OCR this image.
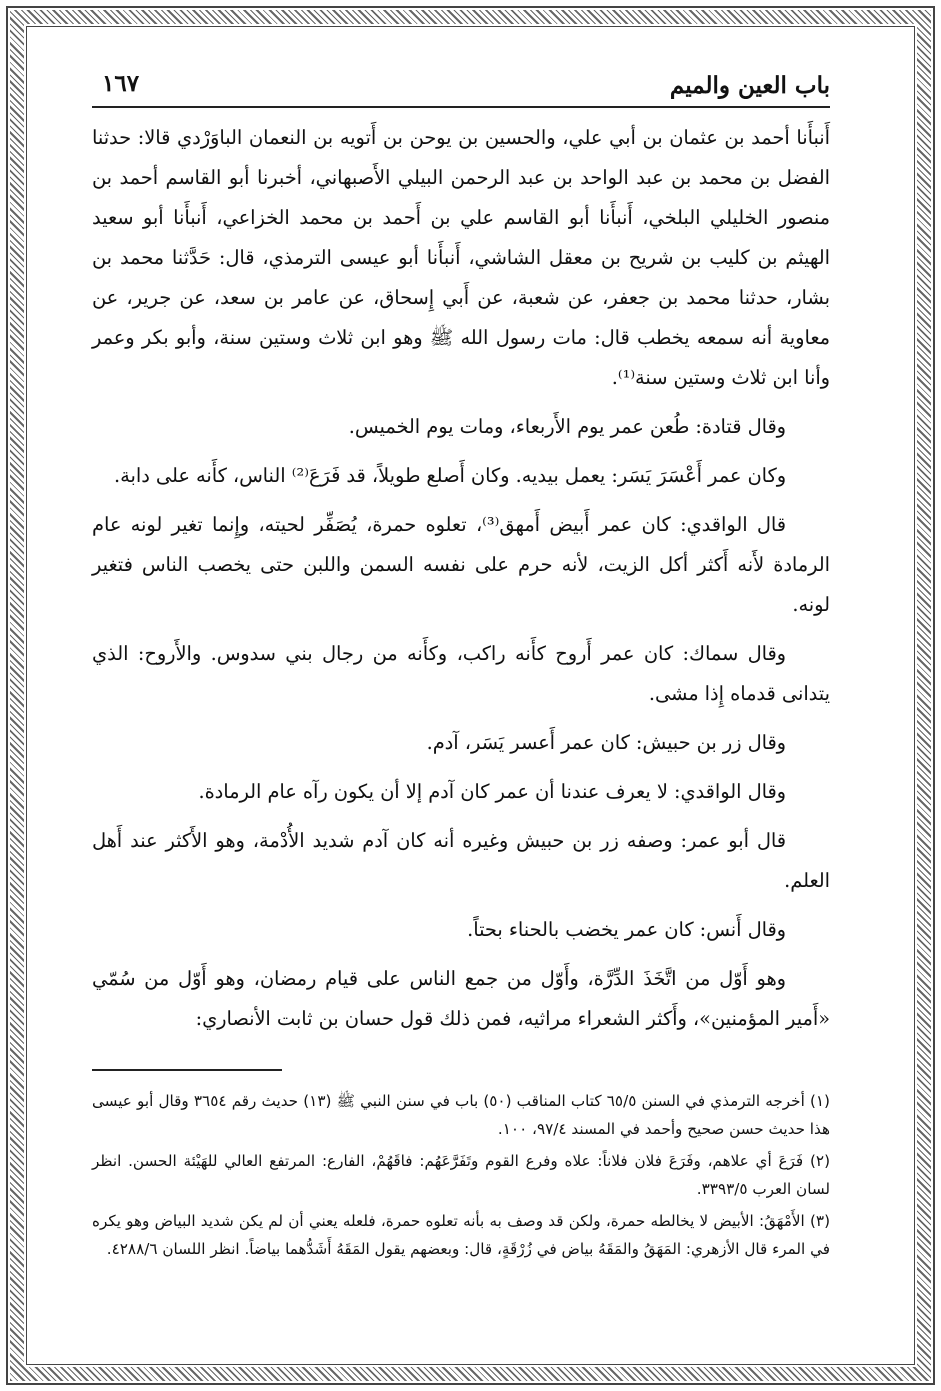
باب العين والميم
١٦٧

أَنبأَنا أحمد بن عثمان بن أبي علي، والحسين بن يوحن بن أَتويه بن النعمان الباوَرْدي قالا: حدثنا الفضل بن محمد بن عبد الواحد بن عبد الرحمن البيلي الأَصبهاني، أخبرنا أبو القاسم أحمد بن منصور الخليلي البلخي، أَنبأَنا أبو القاسم علي بن أَحمد بن محمد الخزاعي، أَنبأَنا أبو سعيد الهيثم بن كليب بن شريح بن معقل الشاشي، أَنبأَنا أبو عيسى الترمذي، قال: حَدَّثنا محمد بن بشار، حدثنا محمد بن جعفر، عن شعبة، عن أَبي إِسحاق، عن عامر بن سعد، عن جرير، عن معاوية أنه سمعه يخطب قال: مات رسول الله ﷺ وهو ابن ثلاث وستين سنة، وأبو بكر وعمر وأنا ابن ثلاث وستين سنة⁽¹⁾.

وقال قتادة: طُعن عمر يوم الأَربعاء، ومات يوم الخميس.

وكان عمر أَعْسَرَ يَسَر: يعمل بيديه. وكان أَصلع طويلاً، قد فَرَعَ⁽²⁾ الناس، كأَنه على دابة.

قال الواقدي: كان عمر أَبيض أَمهق⁽³⁾، تعلوه حمرة، يُصَفِّر لحيته، وإِنما تغير لونه عام الرمادة لأَنه أَكثر أكل الزيت، لأنه حرم على نفسه السمن واللبن حتى يخصب الناس فتغير لونه.

وقال سماك: كان عمر أَروح كأَنه راكب، وكأَنه من رجال بني سدوس. والأَروح: الذي يتدانى قدماه إِذا مشى.

وقال زر بن حبيش: كان عمر أَعسر يَسَر، آدم.

وقال الواقدي: لا يعرف عندنا أن عمر كان آدم إلا أن يكون رآه عام الرمادة.

قال أبو عمر: وصفه زر بن حبيش وغيره أنه كان آدم شديد الأُدْمة، وهو الأَكثر عند أَهل العلم.

وقال أَنس: كان عمر يخضب بالحناء بحتاً.

وهو أَوّل من اتَّخَذَ الدِّرَّة، وأَوّل من جمع الناس على قيام رمضان، وهو أَوّل من سُمّي «أَمير المؤمنين»، وأَكثر الشعراء مراثيه، فمن ذلك قول حسان بن ثابت الأنصاري:

(١) أخرجه الترمذي في السنن ٦٥/٥ كتاب المناقب (٥٠) باب في سنن النبي ﷺ (١٣) حديث رقم ٣٦٥٤ وقال أبو عيسى هذا حديث حسن صحيح وأحمد في المسند ٩٧/٤، ١٠٠.

(٢) فَرَعَ أي علاهم، وفَرَعَ فلان فلاناً: علاه وفرع القوم وتَفَرَّعَهُم: فاقَهُمْ، الفارع: المرتفع العالي للهَيْئة الحسن. انظر لسان العرب ٣٣٩٣/٥.

(٣) الأَمْهَقُ: الأبيض لا يخالطه حمرة، ولكن قد وصف به بأنه تعلوه حمرة، فلعله يعني أن لم يكن شديد البياض وهو يكره في المرء قال الأزهري: المَهَقُ والمَقَهُ بياض في زُرْقَةٍ، قال: وبعضهم يقول المَقَهُ أَشَدُّهما بياضاً. انظر اللسان ٤٢٨٨/٦.
